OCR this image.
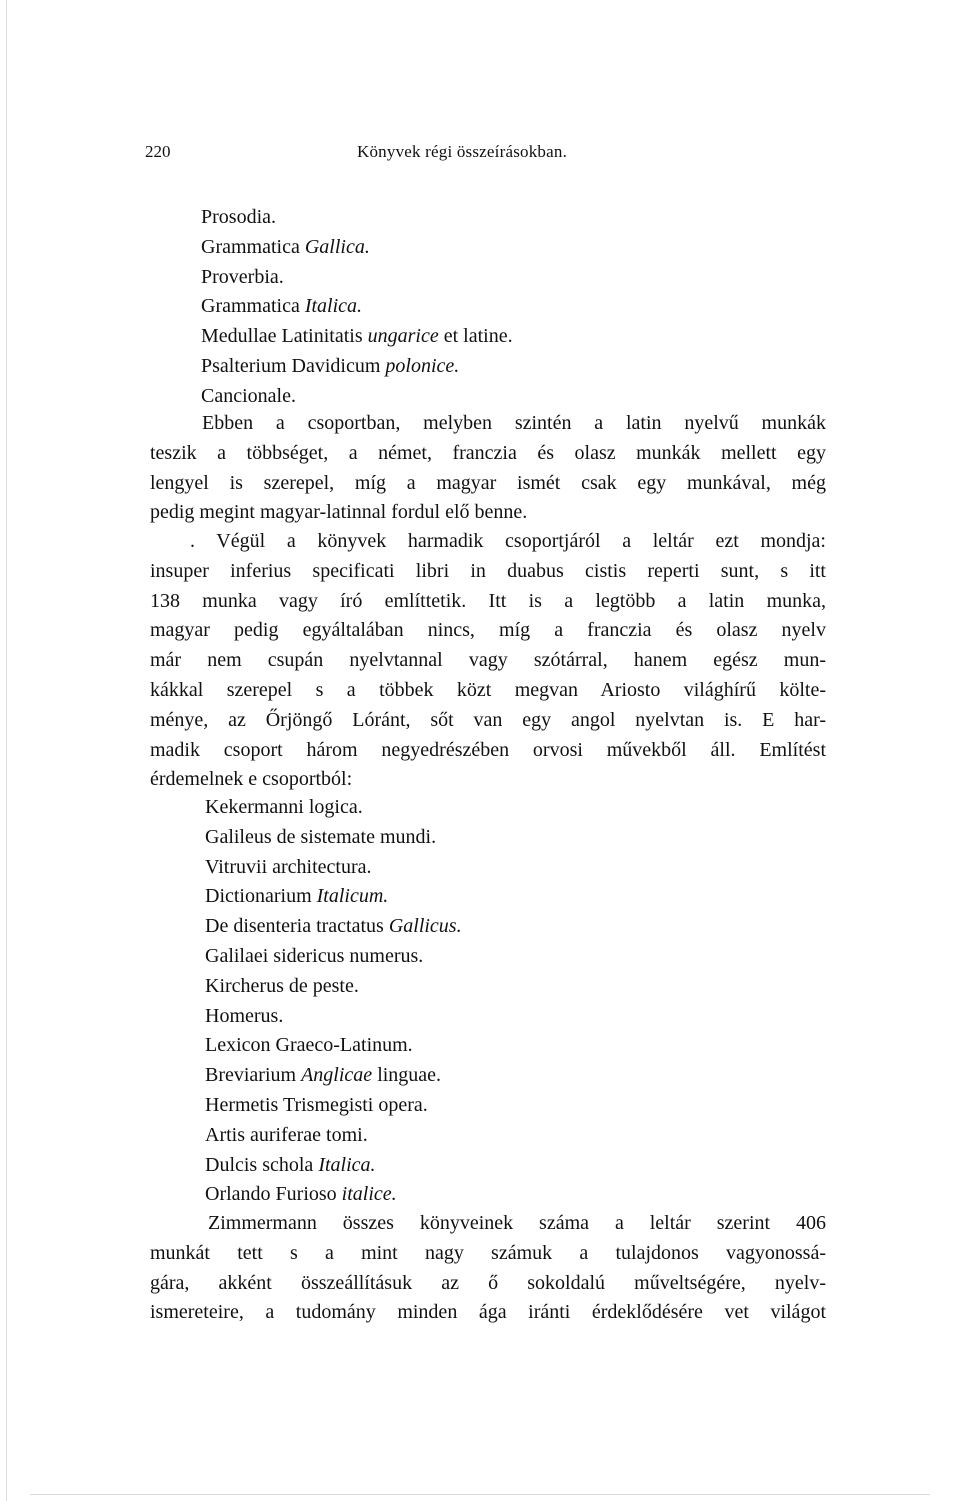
220	Könyvek régi összeírásokban.
Prosodia.
Grammatica Gallica.
Proverbia.
Grammatica Italica.
Medullae Latinitatis ungarice et latine.
Psalterium Davidicum polonice.
Cancionale.
Ebben a csoportban, melyben szintén a latin nyelvű munkák
teszik a többséget, a német, franczia és olasz munkák mellett egy
lengyel is szerepel, míg a magyar ismét csak egy munkával, még
pedig megint magyar-latinnal fordul elő benne.
. Végül a könyvek harmadik csoportjáról a leltár ezt mondja:
insuper inferius specificati libri in duabus cistis reperti sunt, s itt
138 munka vagy író említtetik. Itt is a legtöbb a latin munka,
magyar pedig egyáltalában nincs, míg a franczia és olasz nyelv
már nem csupán nyelvtannal vagy szótárral, hanem egész mun-
kákkal szerepel s a többek közt megvan Ariosto világhírű költe-
ménye, az Őrjöngő Lóránt, sőt van egy angol nyelvtan is. E har-
madik csoport három negyedrészében orvosi művekből áll. Említést
érdemelnek e csoportból:
Kekermanni logica.
Galileus de sistemate mundi.
Vitruvii architectura.
Dictionarium Italicum.
De disenteria tractatus Gallicus.
Galilaei sidericus numerus.
Kircherus de peste.
Homerus.
Lexicon Graeco-Latinum.
Breviarium Anglicae linguae.
Hermetis Trismegisti opera.
Artis auriferae tomi.
Dulcis schola Italica.
Orlando Furioso italice.
Zimmermann összes könyveinek száma a leltár szerint 406
munkát tett s a mint nagy számuk a tulajdonos vagyonossá-
gára, akként összeállításuk az ő sokoldalú műveltségére, nyelv-
ismereteire, a tudomány minden ága iránti érdeklődésére vet világot
